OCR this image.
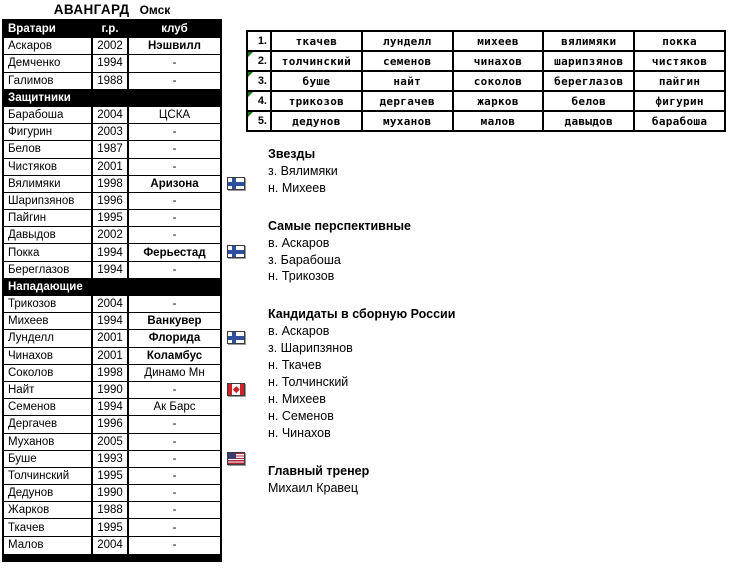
АВАНГАРД Омск
Вратари	г.р.	клуб
Аскаров	2002	Нэшвилл
Демченко	1994	-
Галимов	1988	-
Защитники
Барабоша	2004	ЦСКА
Фигурин	2003	-
Белов	1987	-
Чистяков	2001	-
Вялимяки	1998	Аризона
Шарипзянов	1996	-
Пайгин	1995	-
Давыдов	2002	-
Покка	1994	Ферьестад
Береглазов	1994	-
Нападающие
Трикозов	2004	-
Михеев	1994	Ванкувер
Лунделл	2001	Флорида
Чинахов	2001	Коламбус
Соколов	1998	Динамо Мн
Найт	1990	-
Семенов	1994	Ак Барс
Дергачев	1996	-
Муханов	2005	-
Буше	1993	-
Толчинский	1995	-
Дедунов	1990	-
Жарков	1988	-
Ткачев	1995	-
Малов	2004	-
1.	ткачев	лунделл	михеев	вялимяки	покка
2.	толчинский	семенов	чинахов	шарипзянов	чистяков
3.	буше	найт	соколов	береглазов	пайгин
4.	трикозов	дергачев	жарков	белов	фигурин
5.	дедунов	муханов	малов	давыдов	барабоша
Звезды
з. Вялимяки
н. Михеев
Самые перспективные
в. Аскаров
з. Барабоша
н. Трикозов
Кандидаты в сборную России
в. Аскаров
з. Шарипзянов
н. Ткачев
н. Толчинский
н. Михеев
н. Семенов
н. Чинахов
Главный тренер
Михаил Кравец
